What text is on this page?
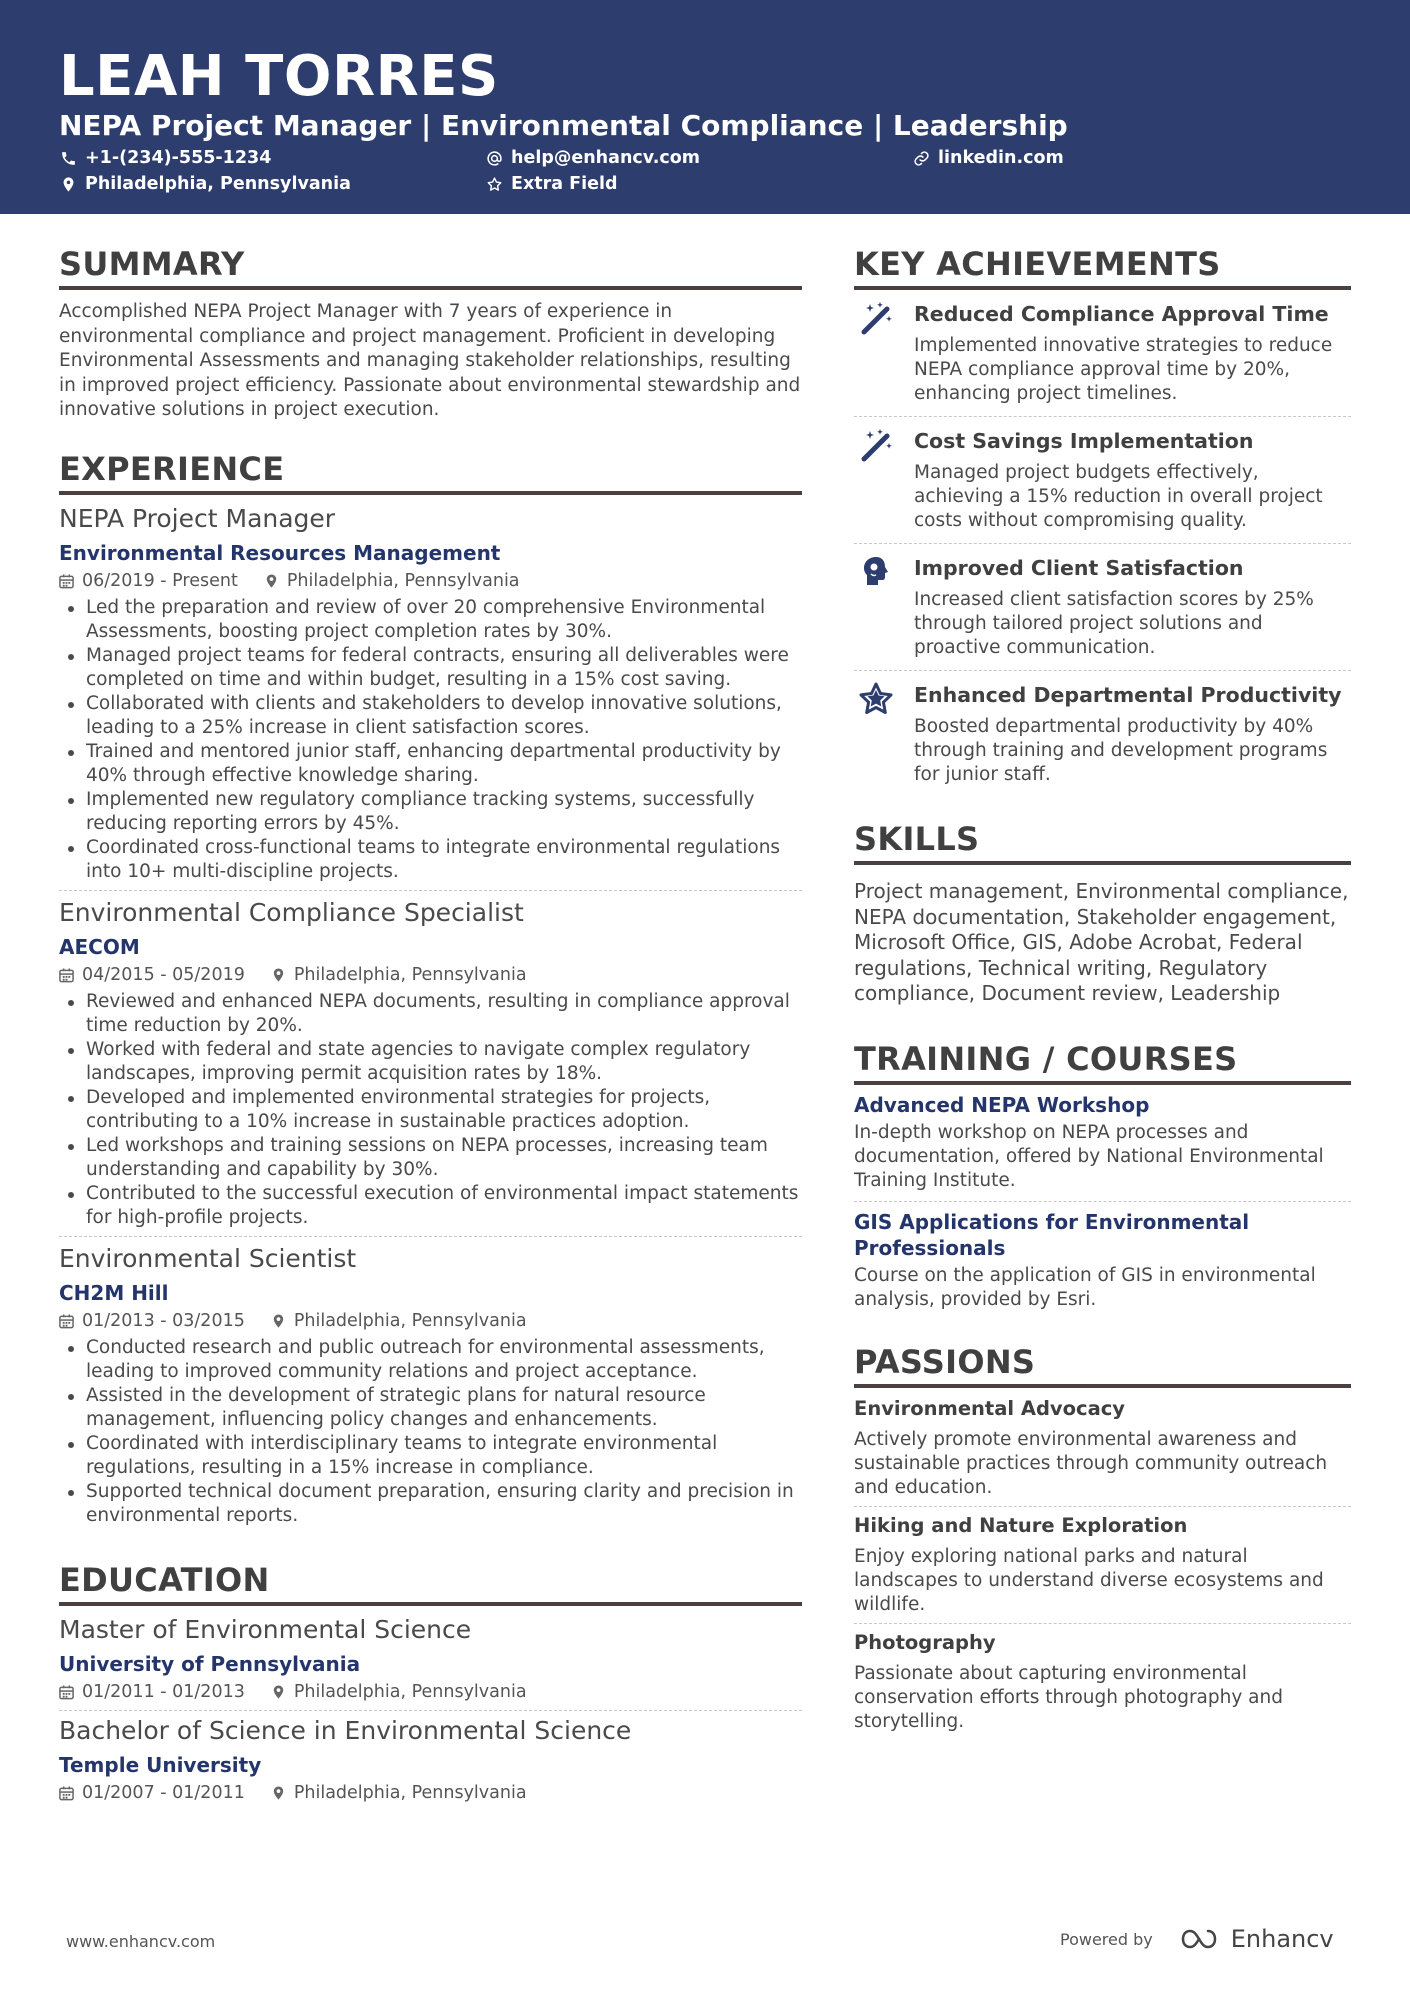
LEAH TORRES
NEPA Project Manager | Environmental Compliance | Leadership
+1-(234)-555-1234	help@enhancv.com	linkedin.com
Philadelphia, Pennsylvania	Extra Field
SUMMARY
Accomplished NEPA Project Manager with 7 years of experience in environmental compliance and project management. Proficient in developing Environmental Assessments and managing stakeholder relationships, resulting in improved project efficiency. Passionate about environmental stewardship and innovative solutions in project execution.
EXPERIENCE
NEPA Project Manager
Environmental Resources Management
06/2019 - Present	Philadelphia, Pennsylvania
Led the preparation and review of over 20 comprehensive Environmental Assessments, boosting project completion rates by 30%.
Managed project teams for federal contracts, ensuring all deliverables were completed on time and within budget, resulting in a 15% cost saving.
Collaborated with clients and stakeholders to develop innovative solutions, leading to a 25% increase in client satisfaction scores.
Trained and mentored junior staff, enhancing departmental productivity by 40% through effective knowledge sharing.
Implemented new regulatory compliance tracking systems, successfully reducing reporting errors by 45%.
Coordinated cross-functional teams to integrate environmental regulations into 10+ multi-discipline projects.
Environmental Compliance Specialist
AECOM
04/2015 - 05/2019	Philadelphia, Pennsylvania
Reviewed and enhanced NEPA documents, resulting in compliance approval time reduction by 20%.
Worked with federal and state agencies to navigate complex regulatory landscapes, improving permit acquisition rates by 18%.
Developed and implemented environmental strategies for projects, contributing to a 10% increase in sustainable practices adoption.
Led workshops and training sessions on NEPA processes, increasing team understanding and capability by 30%.
Contributed to the successful execution of environmental impact statements for high-profile projects.
Environmental Scientist
CH2M Hill
01/2013 - 03/2015	Philadelphia, Pennsylvania
Conducted research and public outreach for environmental assessments, leading to improved community relations and project acceptance.
Assisted in the development of strategic plans for natural resource management, influencing policy changes and enhancements.
Coordinated with interdisciplinary teams to integrate environmental regulations, resulting in a 15% increase in compliance.
Supported technical document preparation, ensuring clarity and precision in environmental reports.
EDUCATION
Master of Environmental Science
University of Pennsylvania
01/2011 - 01/2013	Philadelphia, Pennsylvania
Bachelor of Science in Environmental Science
Temple University
01/2007 - 01/2011	Philadelphia, Pennsylvania
KEY ACHIEVEMENTS
Reduced Compliance Approval Time
Implemented innovative strategies to reduce NEPA compliance approval time by 20%, enhancing project timelines.
Cost Savings Implementation
Managed project budgets effectively, achieving a 15% reduction in overall project costs without compromising quality.
Improved Client Satisfaction
Increased client satisfaction scores by 25% through tailored project solutions and proactive communication.
Enhanced Departmental Productivity
Boosted departmental productivity by 40% through training and development programs for junior staff.
SKILLS
Project management, Environmental compliance, NEPA documentation, Stakeholder engagement, Microsoft Office, GIS, Adobe Acrobat, Federal regulations, Technical writing, Regulatory compliance, Document review, Leadership
TRAINING / COURSES
Advanced NEPA Workshop
In-depth workshop on NEPA processes and documentation, offered by National Environmental Training Institute.
GIS Applications for Environmental Professionals
Course on the application of GIS in environmental analysis, provided by Esri.
PASSIONS
Environmental Advocacy
Actively promote environmental awareness and sustainable practices through community outreach and education.
Hiking and Nature Exploration
Enjoy exploring national parks and natural landscapes to understand diverse ecosystems and wildlife.
Photography
Passionate about capturing environmental conservation efforts through photography and storytelling.
www.enhancv.com	Powered by	Enhancv
